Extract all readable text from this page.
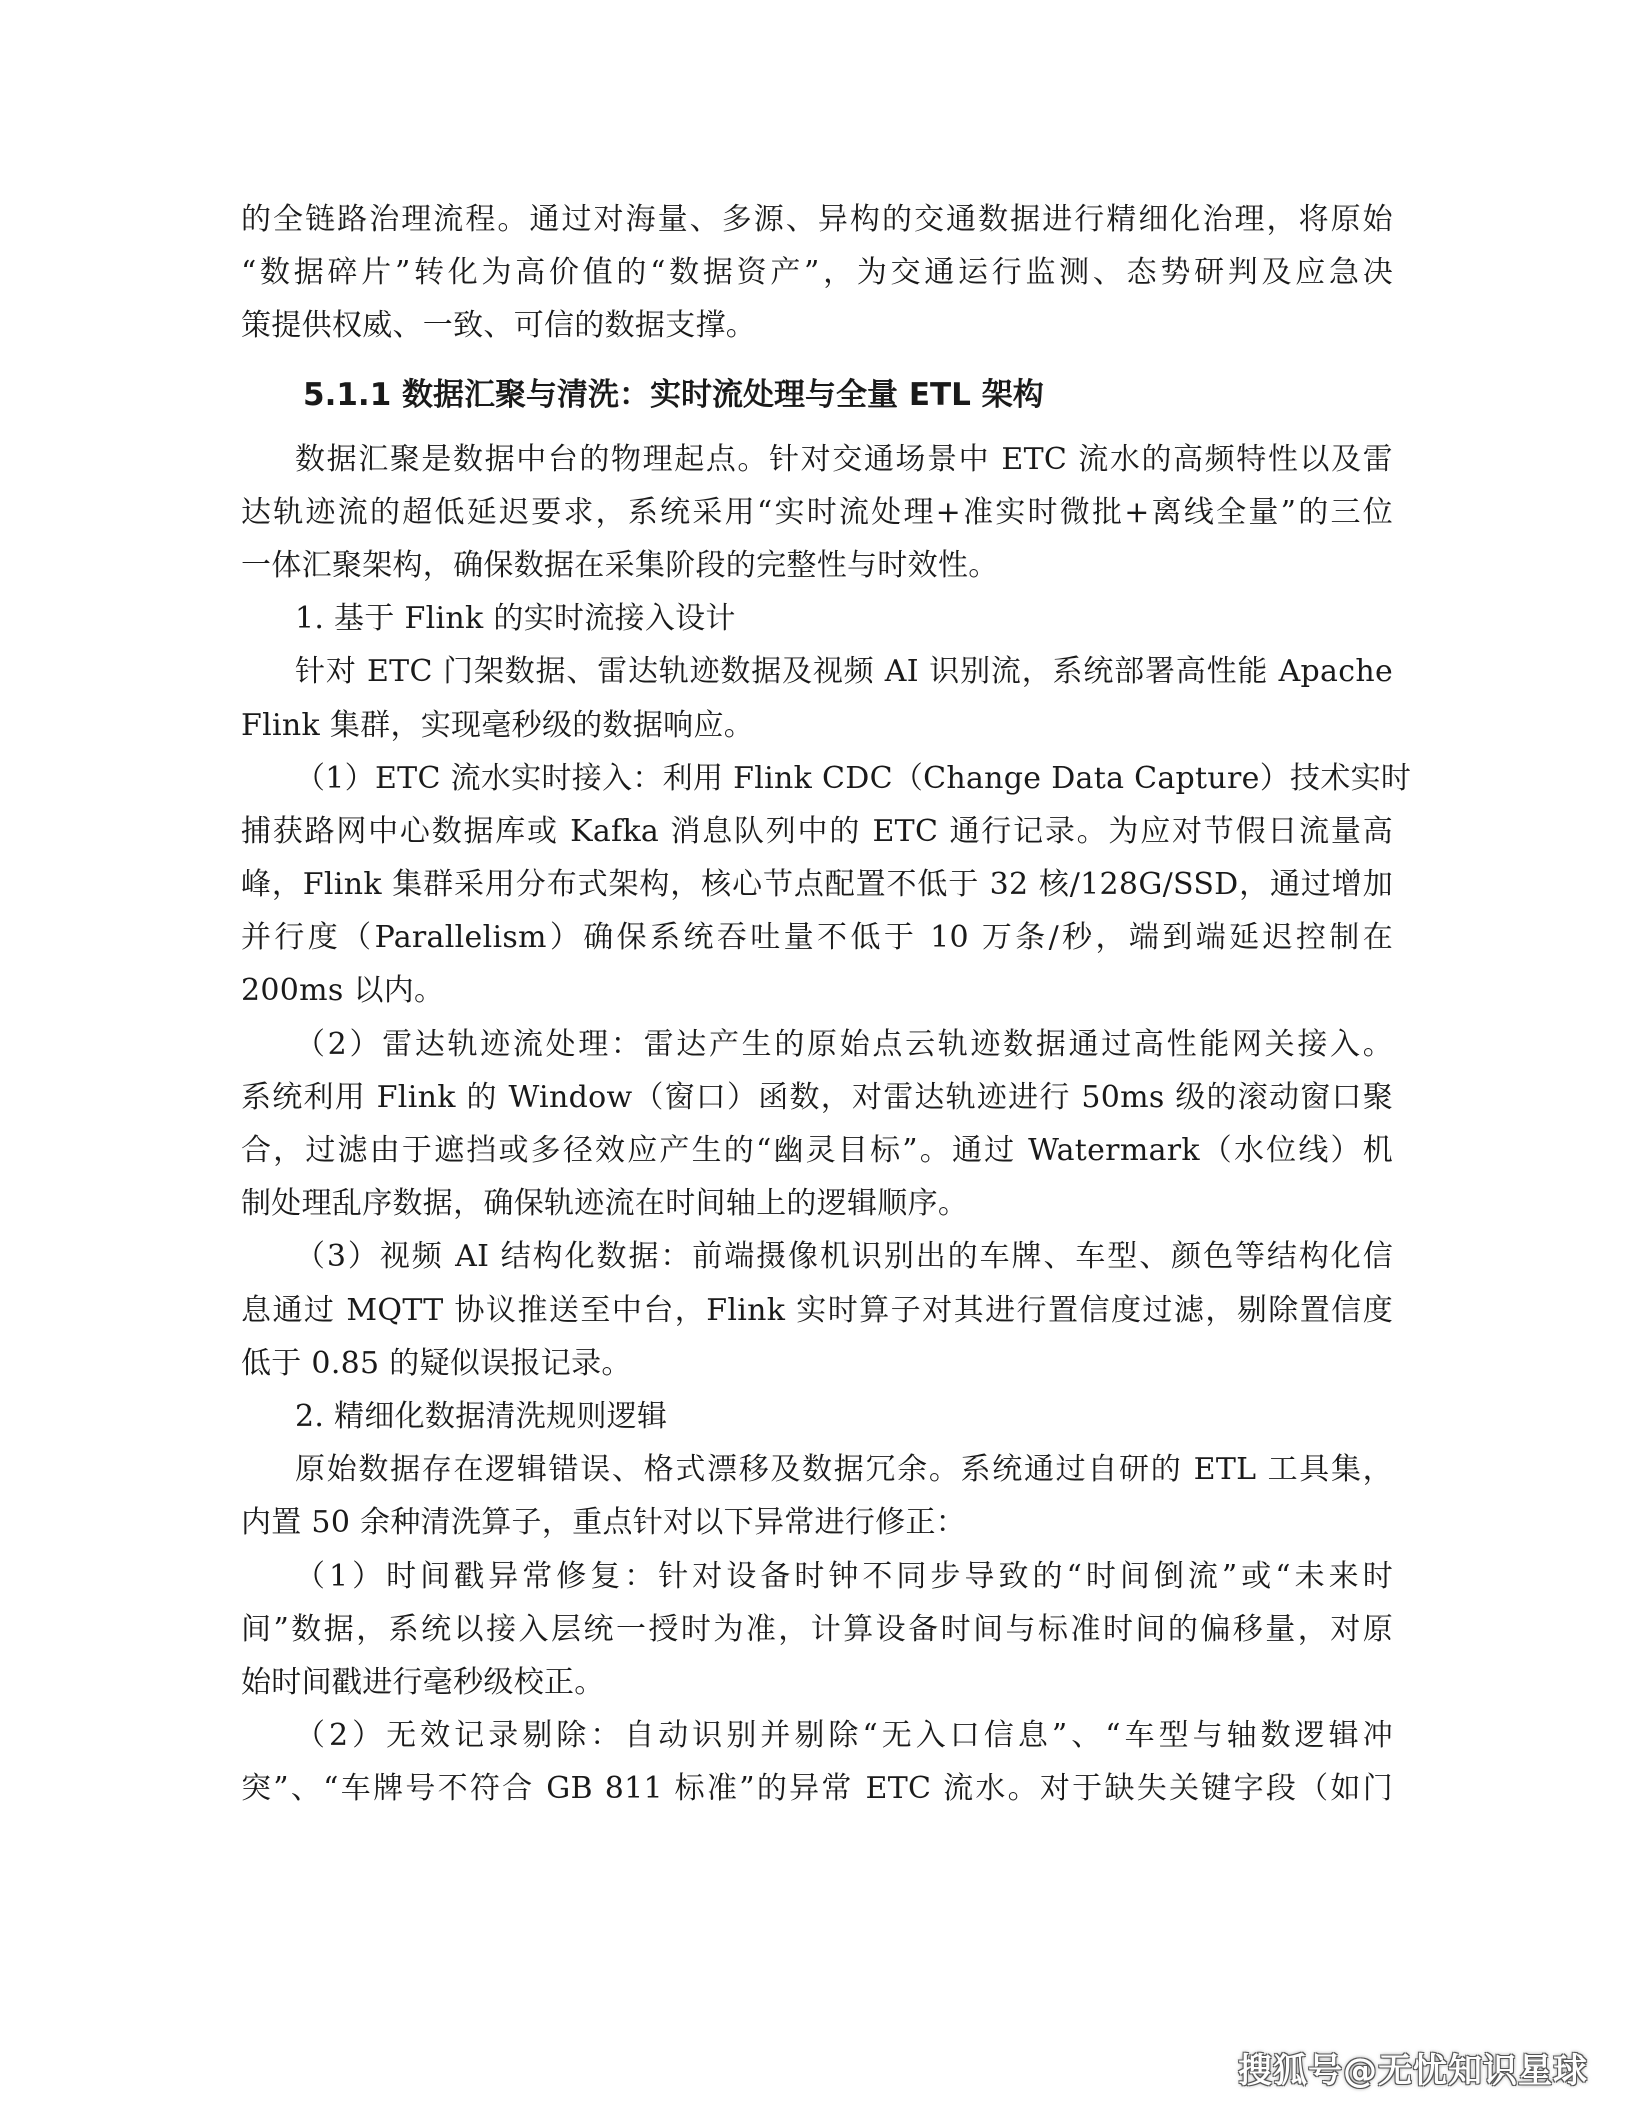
的全链路治理流程。通过对海量、多源、异构的交通数据进行精细化治理，将原始
“数据碎片”转化为高价值的“数据资产”，为交通运行监测、态势研判及应急决
策提供权威、一致、可信的数据支撑。
5.1.1 数据汇聚与清洗：实时流处理与全量 ETL 架构
数据汇聚是数据中台的物理起点。针对交通场景中 ETC 流水的高频特性以及雷
达轨迹流的超低延迟要求，系统采用“实时流处理+准实时微批+离线全量”的三位
一体汇聚架构，确保数据在采集阶段的完整性与时效性。
1. 基于 Flink 的实时流接入设计
针对 ETC 门架数据、雷达轨迹数据及视频 AI 识别流，系统部署高性能 Apache
Flink 集群，实现毫秒级的数据响应。
（1）ETC 流水实时接入：利用 Flink CDC（Change Data Capture）技术实时
捕获路网中心数据库或 Kafka 消息队列中的 ETC 通行记录。为应对节假日流量高
峰，Flink 集群采用分布式架构，核心节点配置不低于 32 核/128G/SSD，通过增加
并行度（Parallelism）确保系统吞吐量不低于 10 万条/秒，端到端延迟控制在
200ms 以内。
（2）雷达轨迹流处理：雷达产生的原始点云轨迹数据通过高性能网关接入。
系统利用 Flink 的 Window（窗口）函数，对雷达轨迹进行 50ms 级的滚动窗口聚
合，过滤由于遮挡或多径效应产生的“幽灵目标”。通过 Watermark（水位线）机
制处理乱序数据，确保轨迹流在时间轴上的逻辑顺序。
（3）视频 AI 结构化数据：前端摄像机识别出的车牌、车型、颜色等结构化信
息通过 MQTT 协议推送至中台，Flink 实时算子对其进行置信度过滤，剔除置信度
低于 0.85 的疑似误报记录。
2. 精细化数据清洗规则逻辑
原始数据存在逻辑错误、格式漂移及数据冗余。系统通过自研的 ETL 工具集，
内置 50 余种清洗算子，重点针对以下异常进行修正：
（1）时间戳异常修复：针对设备时钟不同步导致的“时间倒流”或“未来时
间”数据，系统以接入层统一授时为准，计算设备时间与标准时间的偏移量，对原
始时间戳进行毫秒级校正。
（2）无效记录剔除：自动识别并剔除“无入口信息”、“车型与轴数逻辑冲
突”、“车牌号不符合 GB 811 标准”的异常 ETC 流水。对于缺失关键字段（如门
搜狐号@无忧知识星球
